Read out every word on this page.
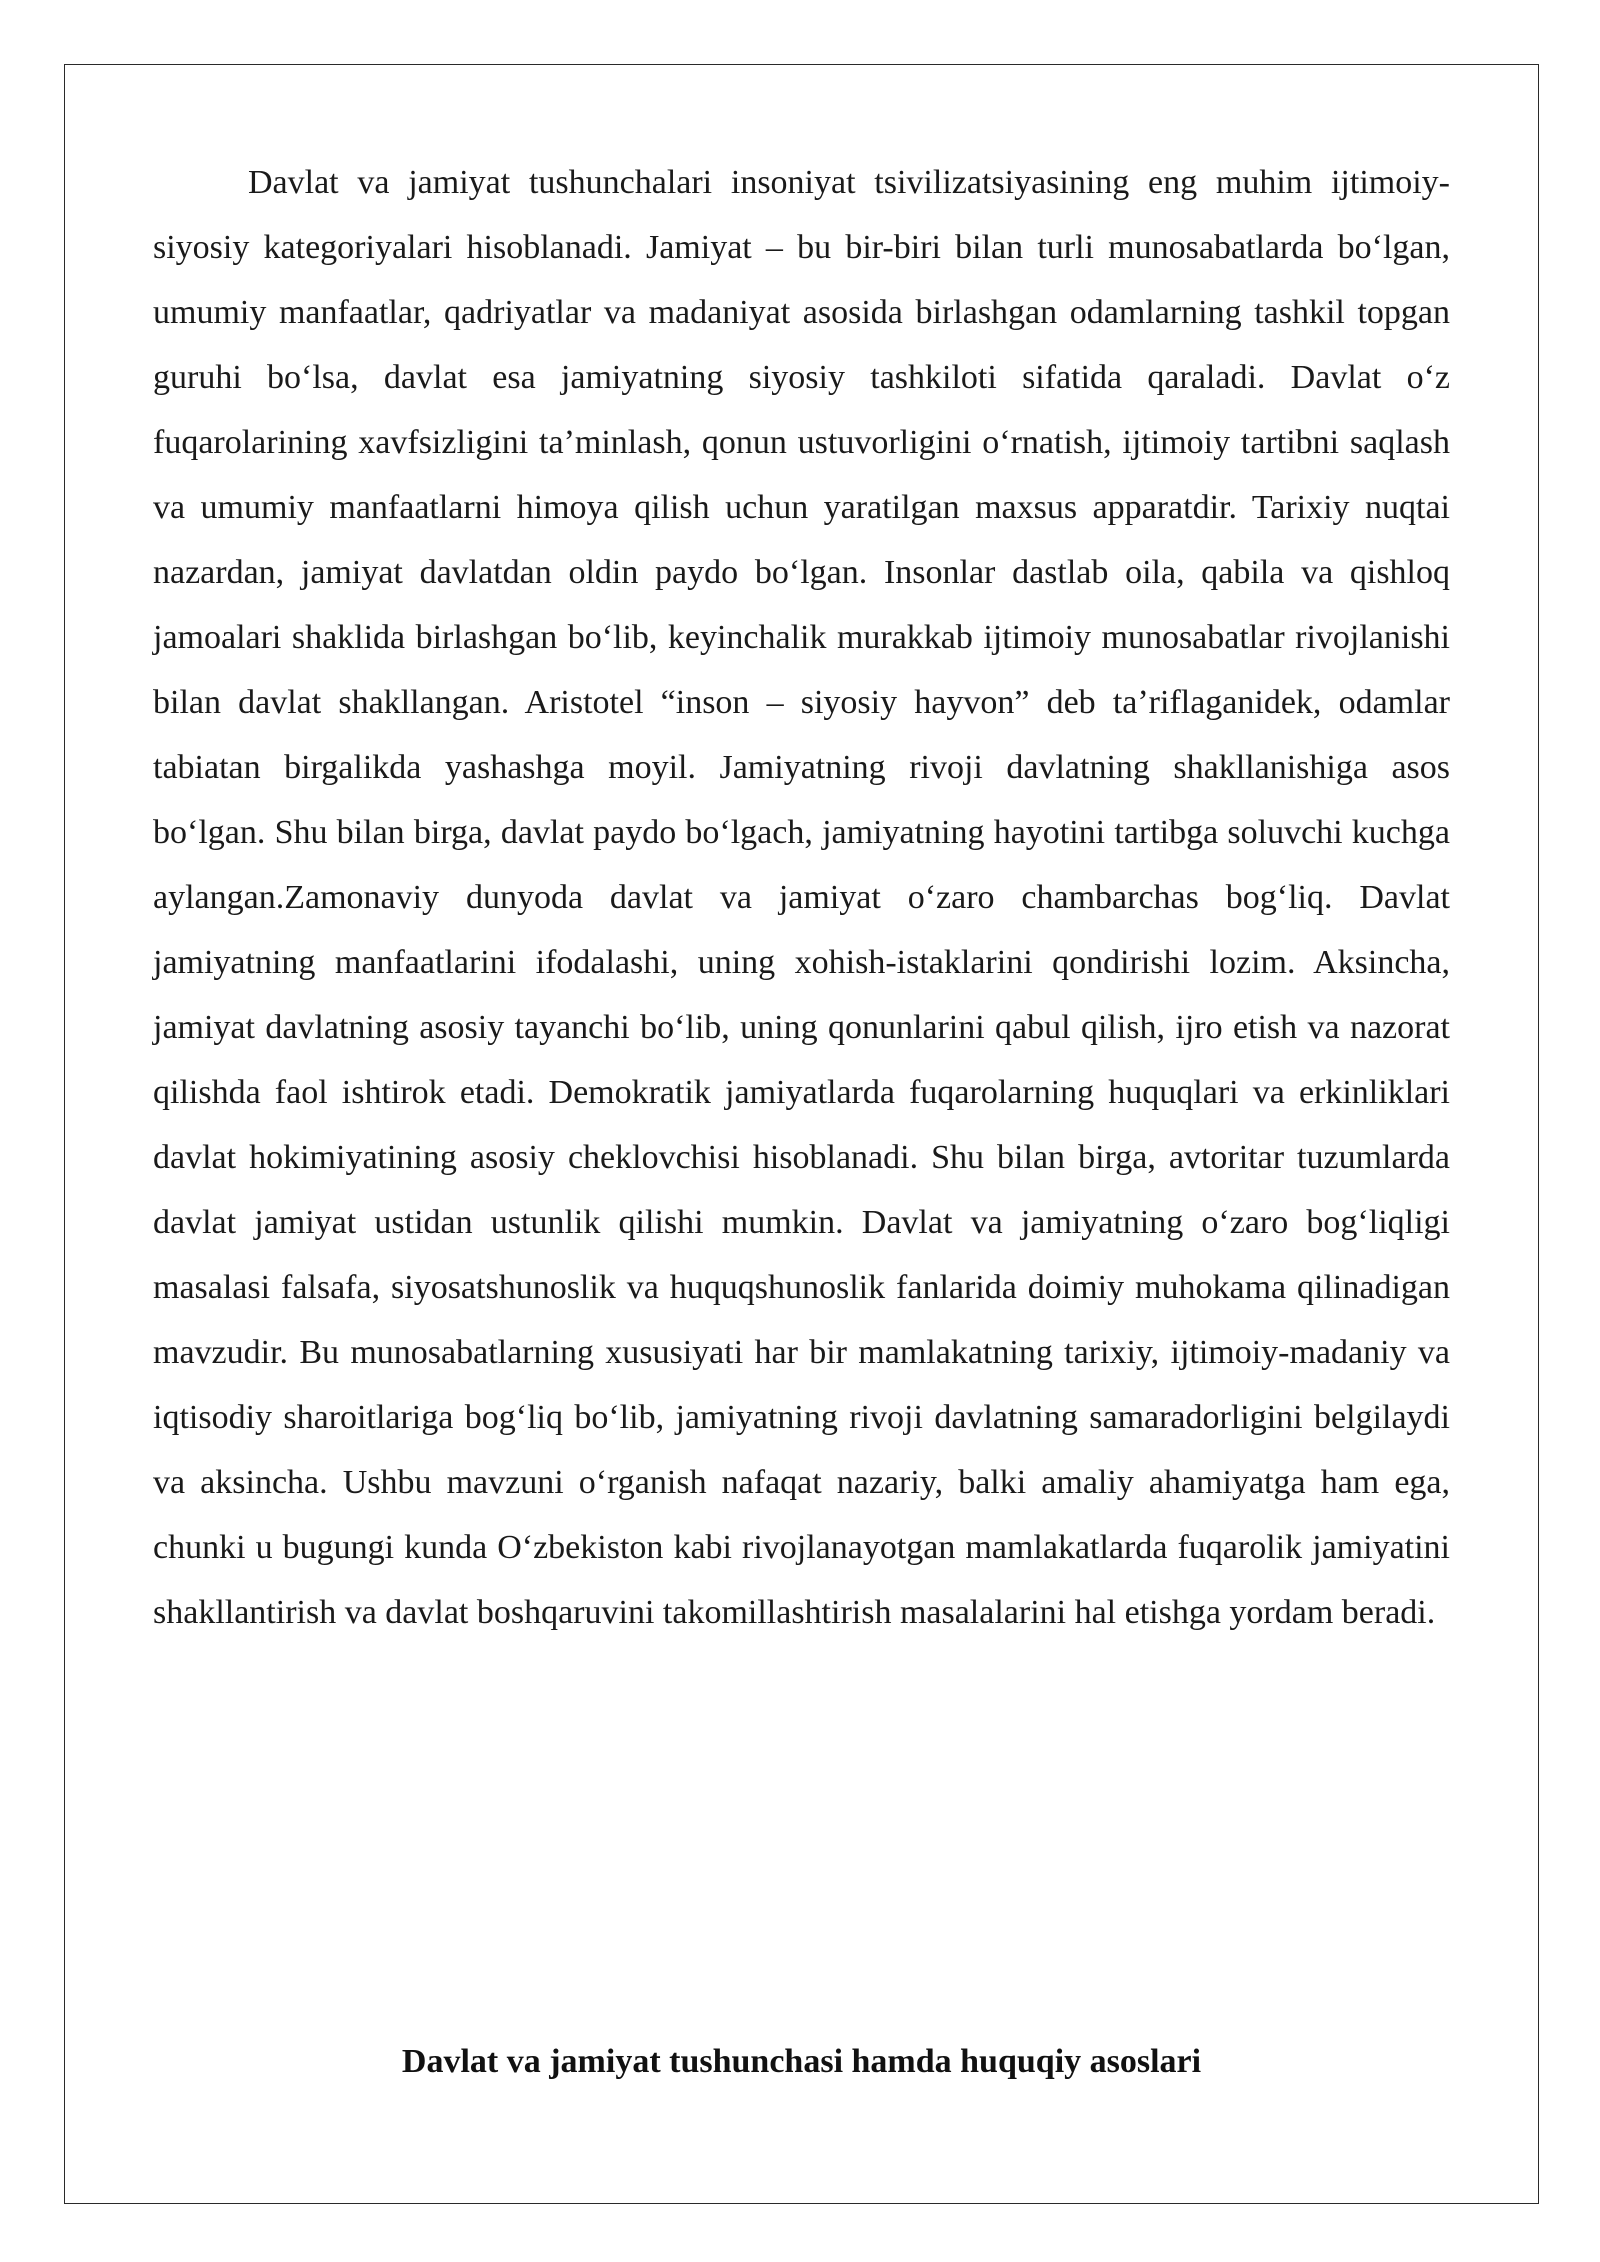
Davlat va jamiyat tushunchalari insoniyat tsivilizatsiyasining eng muhim ijtimoiy-siyosiy kategoriyalari hisoblanadi. Jamiyat – bu bir-biri bilan turli munosabatlarda boʻlgan, umumiy manfaatlar, qadriyatlar va madaniyat asosida birlashgan odamlarning tashkil topgan guruhi boʻlsa, davlat esa jamiyatning siyosiy tashkiloti sifatida qaraladi. Davlat oʻz fuqarolarining xavfsizligini taʼminlash, qonun ustuvorligini oʻrnatish, ijtimoiy tartibni saqlash va umumiy manfaatlarni himoya qilish uchun yaratilgan maxsus apparatdir. Tarixiy nuqtai nazardan, jamiyat davlatdan oldin paydo boʻlgan. Insonlar dastlab oila, qabila va qishloq jamoalari shaklida birlashgan boʻlib, keyinchalik murakkab ijtimoiy munosabatlar rivojlanishi bilan davlat shakllangan. Aristotel “inson – siyosiy hayvon” deb taʼriflaganidek, odamlar tabiatan birgalikda yashashga moyil. Jamiyatning rivoji davlatning shakllanishiga asos boʻlgan. Shu bilan birga, davlat paydo boʻlgach, jamiyatning hayotini tartibga soluvchi kuchga aylangan.Zamonaviy dunyoda davlat va jamiyat oʻzaro chambarchas bogʻliq. Davlat jamiyatning manfaatlarini ifodalashi, uning xohish-istaklarini qondirishi lozim. Aksincha, jamiyat davlatning asosiy tayanchi boʻlib, uning qonunlarini qabul qilish, ijro etish va nazorat qilishda faol ishtirok etadi. Demokratik jamiyatlarda fuqarolarning huquqlari va erkinliklari davlat hokimiyatining asosiy cheklovchisi hisoblanadi. Shu bilan birga, avtoritar tuzumlarda davlat jamiyat ustidan ustunlik qilishi mumkin. Davlat va jamiyatning oʻzaro bogʻliqligi masalasi falsafa, siyosatshunoslik va huquqshunoslik fanlarida doimiy muhokama qilinadigan mavzudir. Bu munosabatlarning xususiyati har bir mamlakatning tarixiy, ijtimoiy-madaniy va iqtisodiy sharoitlariga bogʻliq boʻlib, jamiyatning rivoji davlatning samaradorligini belgilaydi va aksincha. Ushbu mavzuni oʻrganish nafaqat nazariy, balki amaliy ahamiyatga ham ega, chunki u bugungi kunda Oʻzbekiston kabi rivojlanayotgan mamlakatlarda fuqarolik jamiyatini shakllantirish va davlat boshqaruvini takomillashtirish masalalarini hal etishga yordam beradi.

Davlat va jamiyat tushunchasi hamda huquqiy asoslari
